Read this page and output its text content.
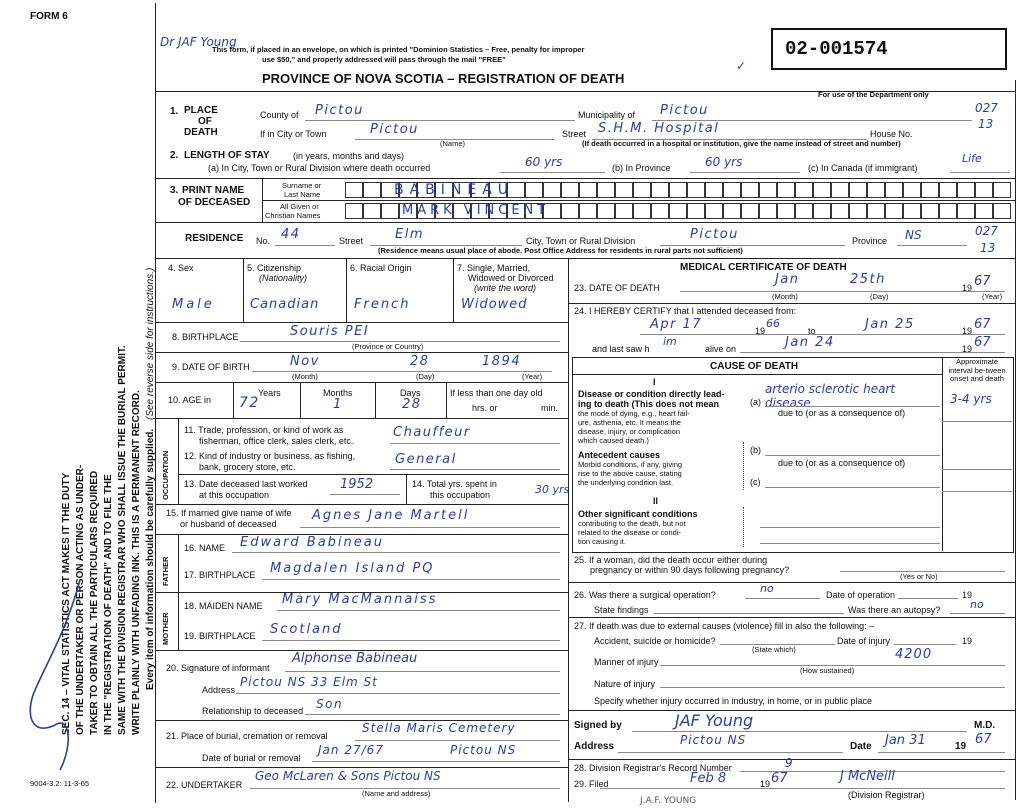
FORM 6
SEC. 14 – VITAL STATISTICS ACT MAKES IT THE DUTY OF THE UNDERTAKER OR PERSON ACTING AS UNDER- TAKER TO OBTAIN ALL THE PARTICULARS REQUIRED IN THE "REGISTRATION OF DEATH" AND TO FILE THE SAME WITH THE DIVISION REGISTRAR WHO SHALL ISSUE THE BURIAL PERMIT. WRITE PLAINLY WITH UNFADING INK. THIS IS A PERMANENT RECORD.
(See reverse side for instructions.)
Every item of information should be carefully supplied.
9004-3.2: 11-3-65
Dr JAF Young
This form, if placed in an envelope, on which is printed "Dominion Statistics – Free, penalty for improper
use $50," and properly addressed will pass through the mail "FREE"
PROVINCE OF NOVA SCOTIA – REGISTRATION OF DEATH
02-001574
For use of the Department only
✓
1. PLACE
OF
DEATH
County of Pictou	Municipality of Pictou	027
If in City or Town	Pictou
(Name)
Street S.H.M. Hospital	House No.
13
(If death occurred in a hospital or institution, give the name instead of street and number)
2. LENGTH OF STAY	(in years, months and days)
(a) In City, Town or Rural Division where death occurred	60 yrs	(b) In Province	60 yrs	(c) In Canada (if immigrant)
Life
3. PRINT NAME
OF DECEASED
Surname or
Last Name
All Given or
Christian Names
BABINEAU
MARK VINCENT
RESIDENCE No. 44	Street Elm	City, Town or Rural Division	Pictou	Province NS	027
13
(Residence means usual place of abode. Post Office Address for residents in rural parts not sufficient)
4. Sex	5. Citizenship
(Nationality)
6. Racial Origin	7. Single, Married,
Widowed or Divorced
(write the word)
Male	Canadian	French	Widowed
8. BIRTHPLACE	Souris PEI
(Province or Country)
9. DATE OF BIRTH	Nov	28	1894
(Month)	(Day)	(Year)
10. AGE in
Years	Months	Days	If less than one day old
hrs. or	min.
72	1	28
OCCUPATION
11. Trade, profession, or kind of work as
fisherman, office clerk, sales clerk, etc.
Chauffeur
12. Kind of industry or business, as fishing,
bank, grocery store, etc.	General
13. Date deceased last worked
at this occupation
1952	14. Total yrs. spent in
this occupation	30 yrs
15. If married give name of wife
or husband of deceased
Agnes Jane Martell
FATHER
16. NAME Edward Babineau
17. BIRTHPLACE Magdalen Island PQ
MOTHER
18. MAIDEN NAME Mary MacMannaiss
19. BIRTHPLACE Scotland
20. Signature of informant
Alphonse Babineau
Address
Pictou NS 33 Elm St
Relationship to deceased Son
21. Place of burial, cremation or removal
Stella Maris Cemetery
Date of burial or removal
Jan 27/67	Pictou NS
22. UNDERTAKER
Geo McLaren & Sons Pictou NS
(Name and address)
MEDICAL CERTIFICATE OF DEATH
23. DATE OF DEATH
Jan	25th
19 67
(Month)	(Day)	(Year)
24. I HEREBY CERTIFY that I attended deceased from:
Apr 17	19
66
to	Jan 25	19 67
and last saw h
im
alive on	Jan 24	19 67
CAUSE OF DEATH	Approximate interval be-tween onset and death
I
Disease or condition directly lead-
ing to death (This does not mean
the mode of dying, e.g., heart fail-
ure, asthenia, etc. It means the
disease, injury, or complication
which caused death.)
(a)
arterio sclerotic heart disease	3-4 yrs
due to (or as a consequence of)
Antecedent causes
Morbid conditions, if any, giving
rise to the above cause, stating
the underlying condition last.
(b)
due to (or as a consequence of)
(c)
II
Other significant conditions
contributing to the death, but not
related to the disease or condi-
tion causing it.
25. If a woman, did the death occur either during
pregnancy or within 90 days following pregnancy?
(Yes or No)
26. Was there a surgical operation?	no	Date of operation	19
State findings	Was there an autopsy?	no
27. If death was due to external causes (violence) fill in also the following: –
Accident, suicide or homicide?
(State which)
Date of injury	19
Manner of injury	4200
(How sustained)
Nature of injury
Specify whether injury occurred in industry, in home, or in public place
Signed by	JAF Young	M.D.
Address	Pictou NS	Date Jan 31	19 67
28. Division Registrar's Record Number	9
29. Filed	Feb 8	19 67	J McNeill
(Division Registrar)
J.A.F. YOUNG
